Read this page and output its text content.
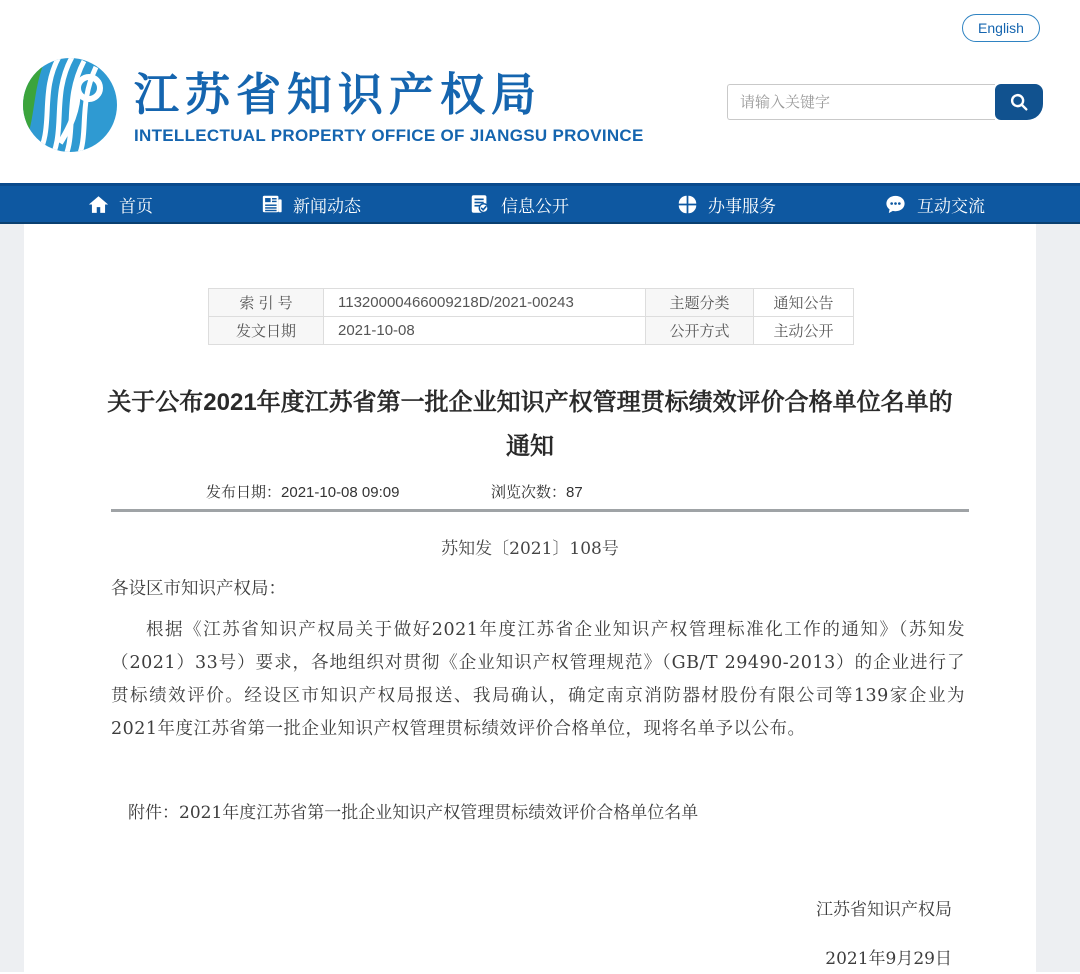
English
江苏省知识产权局
INTELLECTUAL PROPERTY OFFICE OF JIANGSU PROVINCE
请输入关键字
首页	新闻动态	信息公开	办事服务	互动交流
索 引 号	11320000466009218D/2021-00243	主题分类	通知公告
发文日期	2021-10-08	公开方式	主动公开
关于公布2021年度江苏省第一批企业知识产权管理贯标绩效评价合格单位名单的通知
发布日期：2021-10-08 09:09	浏览次数：87
苏知发〔2021〕108号
各设区市知识产权局：

根据《江苏省知识产权局关于做好2021年度江苏省企业知识产权管理标准化工作的通知》（苏知发（2021）33号）要求，各地组织对贯彻《企业知识产权管理规范》（GB/T 29490-2013）的企业进行了贯标绩效评价。经设区市知识产权局报送、我局确认，确定南京消防器材股份有限公司等139家企业为2021年度江苏省第一批企业知识产权管理贯标绩效评价合格单位，现将名单予以公布。

附件：2021年度江苏省第一批企业知识产权管理贯标绩效评价合格单位名单
江苏省知识产权局
2021年9月29日
